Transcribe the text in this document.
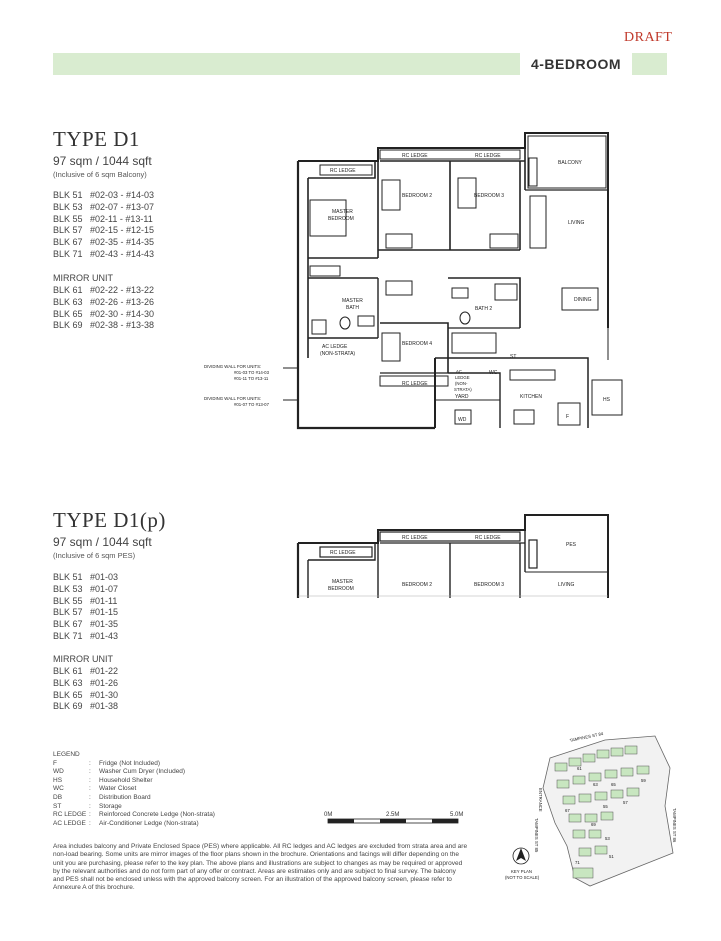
DRAFT
4-BEDROOM
TYPE D1
97 sqm / 1044 sqft
(Inclusive of 6 sqm Balcony)
BLK 51 #02-03 - #14-03
BLK 53 #02-07 - #13-07
BLK 55 #02-11 - #13-11
BLK 57 #02-15 - #12-15
BLK 67 #02-35 - #14-35
BLK 71 #02-43 - #14-43
MIRROR UNIT
BLK 61 #02-22 - #13-22
BLK 63 #02-26 - #13-26
BLK 65 #02-30 - #14-30
BLK 69 #02-38 - #13-38
RC LEDGE
RC LEDGE	RC LEDGE
RC LEDGE
BALCONY
MASTER
BEDROOM
BEDROOM 2	BEDROOM 3
BEDROOM 4
LIVING
DINING
MASTER
BATH	BATH 2
AC LEDGE
(NON-STRATA)
AC
LEDGE
(NON-
STRATA)
YARD	KITCHEN
WC
WD
ST
HS
F
DIVIDING WALL FOR UNITS:
#01-03 TO #14-03
#01-11 TO #13-11
DIVIDING WALL FOR UNITS:
#01-07 TO #13-07
TYPE D1(p)
97 sqm / 1044 sqft
(Inclusive of 6 sqm PES)
BLK 51 #01-03
BLK 53 #01-07
BLK 55 #01-11
BLK 57 #01-15
BLK 67 #01-35
BLK 71 #01-43
MIRROR UNIT
BLK 61 #01-22
BLK 63 #01-26
BLK 65 #01-30
BLK 69 #01-38
RC LEDGE
RC LEDGE	RC LEDGE
PES
MASTER
BEDROOM
BEDROOM 2	BEDROOM 3	LIVING
LEGEND
F	:	Fridge (Not Included)
WD	:	Washer Cum Dryer (Included)
HS	:	Household Shelter
WC	:	Water Closet
DB	:	Distribution Board
ST	:	Storage
RC LEDGE :	Reinforced Concrete Ledge (Non-strata)
AC LEDGE :	Air-Conditioner Ledge (Non-strata)
0M	2.5M	5.0M
61
63	65
67
69
71
59
57
55
53
51
TAMPINES ST 84
TAMPINES ST 86
TAMPINES ST 85
ENTRANCE
KEY PLAN
(NOT TO SCALE)
Area includes balcony and Private Enclosed Space (PES) where applicable. All RC ledges and AC ledges are excluded from strata area and are non-load bearing. Some units are mirror images of the floor plans shown in the brochure. Orientations and facings will differ depending on the unit you are purchasing, please refer to the key plan. The above plans and illustrations are subject to changes as may be required or approved by the relevant authorities and do not form part of any offer or contract. Areas are estimates only and are subject to final survey. The balcony and PES shall not be enclosed unless with the approved balcony screen. For an illustration of the approved balcony screen, please refer to Annexure A of this brochure.
